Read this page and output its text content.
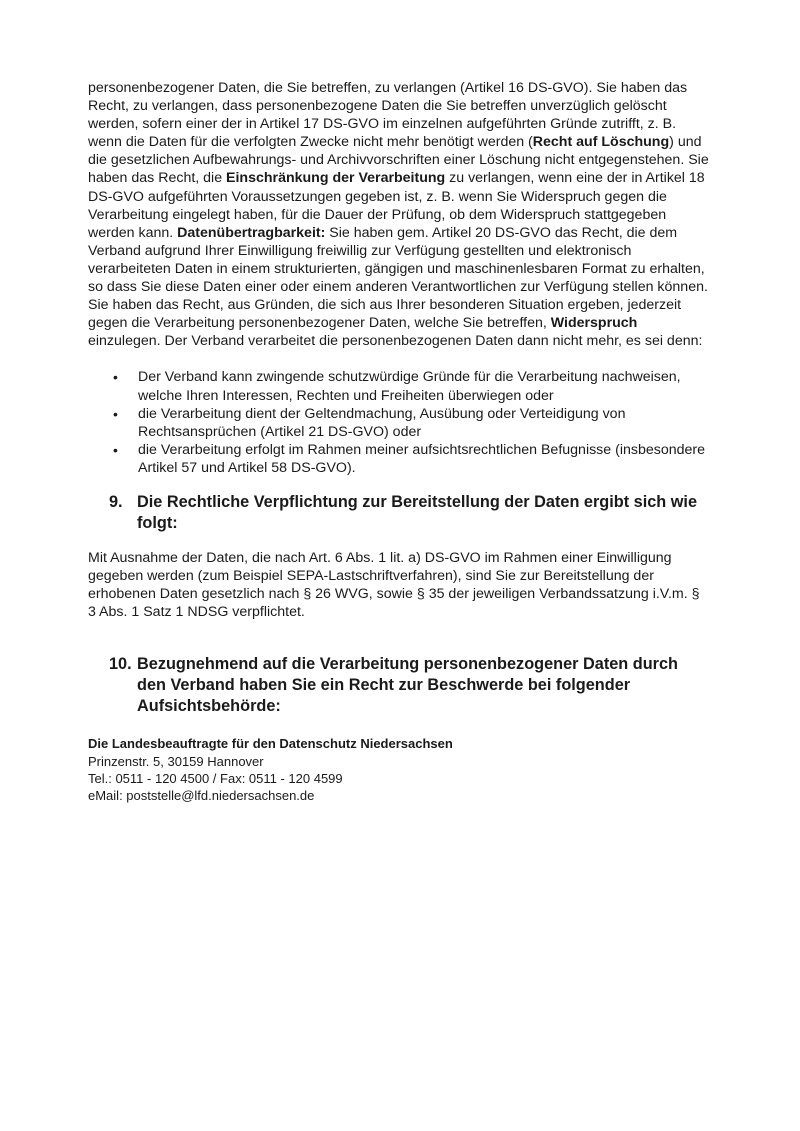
personenbezogener Daten, die Sie betreffen, zu verlangen (Artikel 16 DS-GVO). Sie haben das Recht, zu verlangen, dass personenbezogene Daten die Sie betreffen unverzüglich gelöscht werden, sofern einer der in Artikel 17 DS-GVO im einzelnen aufgeführten Gründe zutrifft, z. B. wenn die Daten für die verfolgten Zwecke nicht mehr benötigt werden (Recht auf Löschung) und die gesetzlichen Aufbewahrungs- und Archivvorschriften einer Löschung nicht entgegenstehen. Sie haben das Recht, die Einschränkung der Verarbeitung zu verlangen, wenn eine der in Artikel 18 DS-GVO aufgeführten Voraussetzungen gegeben ist, z. B. wenn Sie Widerspruch gegen die Verarbeitung eingelegt haben, für die Dauer der Prüfung, ob dem Widerspruch stattgegeben werden kann. Datenübertragbarkeit: Sie haben gem. Artikel 20 DS-GVO das Recht, die dem Verband aufgrund Ihrer Einwilligung freiwillig zur Verfügung gestellten und elektronisch verarbeiteten Daten in einem strukturierten, gängigen und maschinenlesbaren Format zu erhalten, so dass Sie diese Daten einer oder einem anderen Verantwortlichen zur Verfügung stellen können. Sie haben das Recht, aus Gründen, die sich aus Ihrer besonderen Situation ergeben, jederzeit gegen die Verarbeitung personenbezogener Daten, welche Sie betreffen, Widerspruch einzulegen. Der Verband verarbeitet die personenbezogenen Daten dann nicht mehr, es sei denn:

• Der Verband kann zwingende schutzwürdige Gründe für die Verarbeitung nachweisen, welche Ihren Interessen, Rechten und Freiheiten überwiegen oder
• die Verarbeitung dient der Geltendmachung, Ausübung oder Verteidigung von Rechtsansprüchen (Artikel 21 DS-GVO) oder
• die Verarbeitung erfolgt im Rahmen meiner aufsichtsrechtlichen Befugnisse (insbesondere Artikel 57 und Artikel 58 DS-GVO).
9. Die Rechtliche Verpflichtung zur Bereitstellung der Daten ergibt sich wie folgt:

Mit Ausnahme der Daten, die nach Art. 6 Abs. 1 lit. a) DS-GVO im Rahmen einer Einwilligung gegeben werden (zum Beispiel SEPA-Lastschriftverfahren), sind Sie zur Bereitstellung der erhobenen Daten gesetzlich nach § 26 WVG, sowie § 35 der jeweiligen Verbandssatzung i.V.m. § 3 Abs. 1 Satz 1 NDSG verpflichtet.

10. Bezugnehmend auf die Verarbeitung personenbezogener Daten durch den Verband haben Sie ein Recht zur Beschwerde bei folgender Aufsichtsbehörde:
Die Landesbeauftragte für den Datenschutz Niedersachsen
Prinzenstr. 5, 30159 Hannover
Tel.: 0511 - 120 4500 / Fax: 0511 - 120 4599
eMail: poststelle@lfd.niedersachsen.de
